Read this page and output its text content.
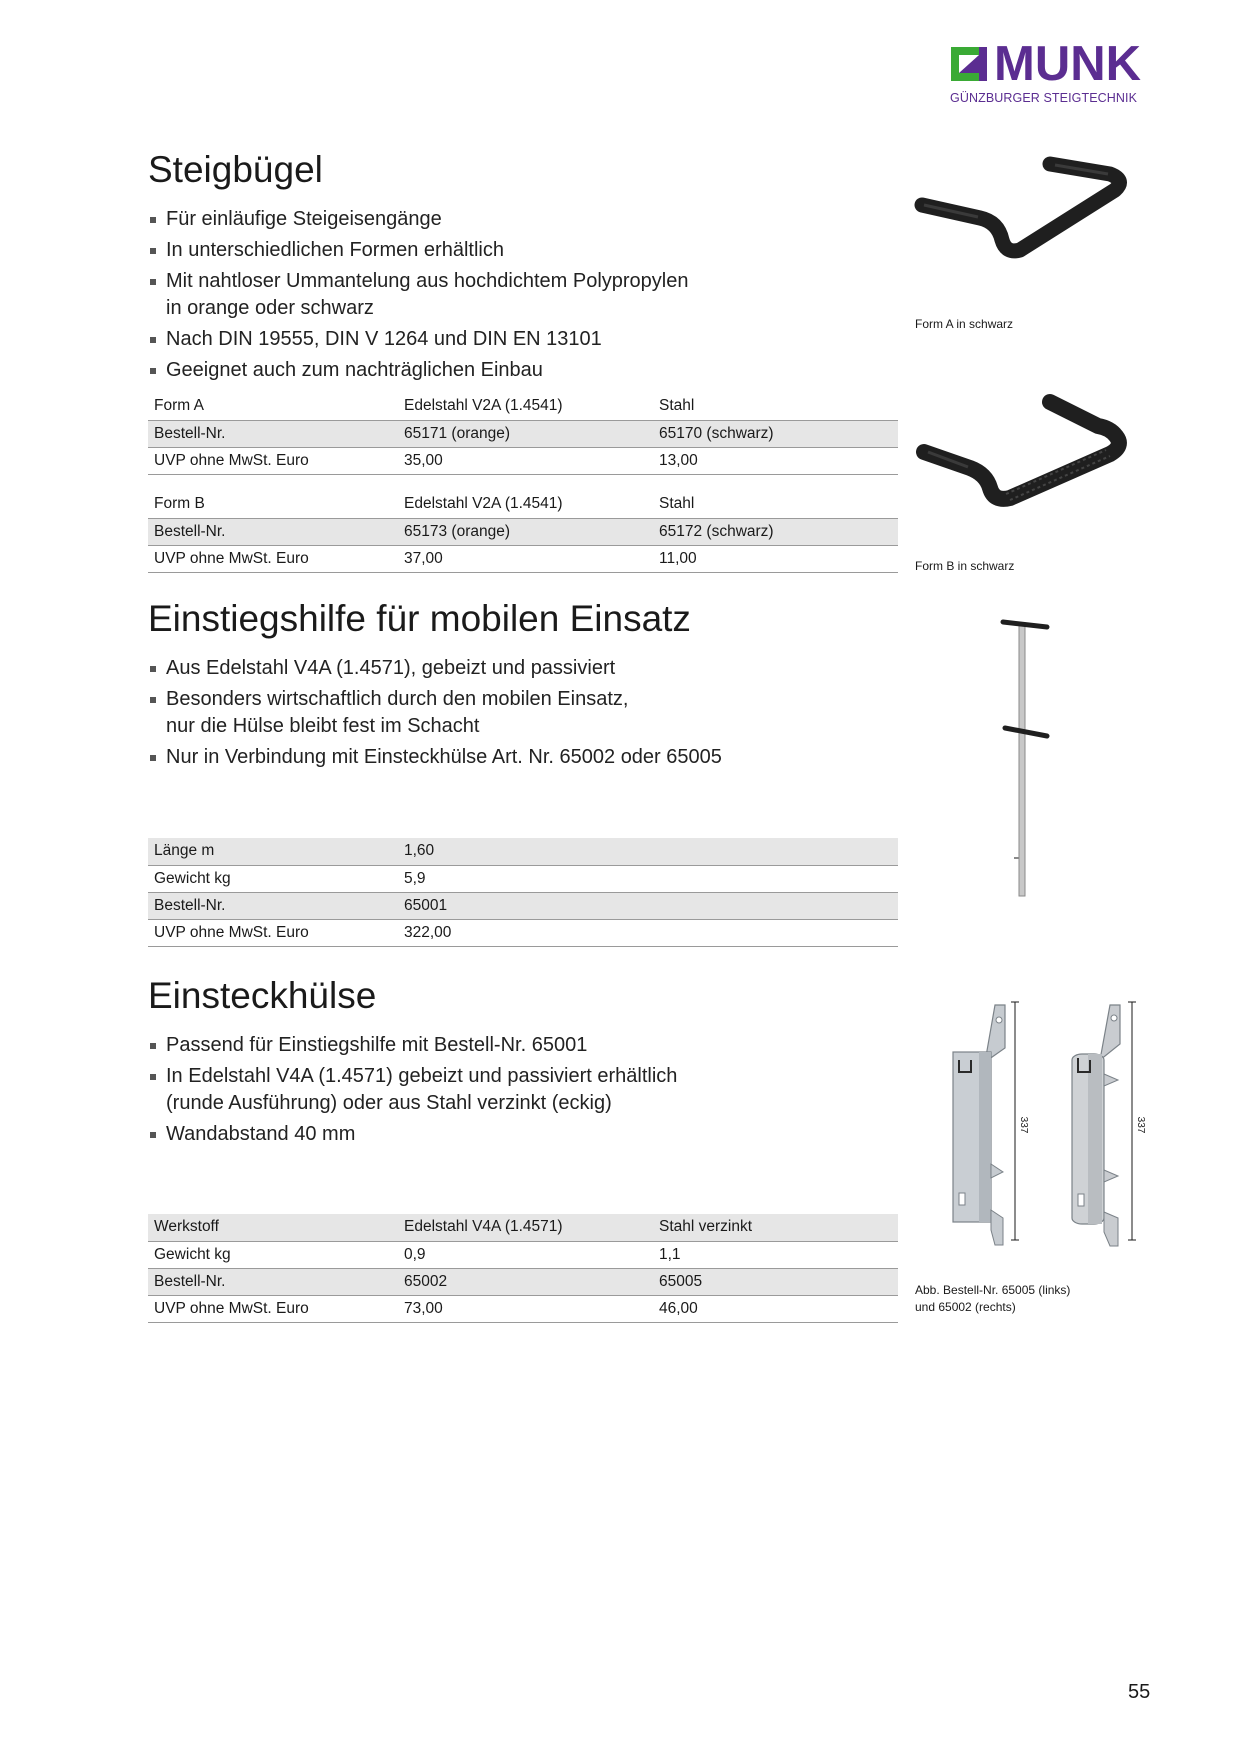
MUNK
GÜNZBURGER STEIGTECHNIK
Steigbügel
Für einläufige Steigeisengänge
In unterschiedlichen Formen erhältlich
Mit nahtloser Ummantelung aus hochdichtem Polypropylen
in orange oder schwarz
Nach DIN 19555, DIN V 1264 und DIN EN 13101
Geeignet auch zum nachträglichen Einbau
Form A	Edelstahl V2A (1.4541)	Stahl
Bestell-Nr.	65171 (orange)	65170 (schwarz)
UVP ohne MwSt. Euro	35,00	13,00
Form B	Edelstahl V2A (1.4541)	Stahl
Bestell-Nr.	65173 (orange)	65172 (schwarz)
UVP ohne MwSt. Euro	37,00	11,00
Form A in schwarz
Form B in schwarz
Einstiegshilfe für mobilen Einsatz
Aus Edelstahl V4A (1.4571), gebeizt und passiviert
Besonders wirtschaftlich durch den mobilen Einsatz,
nur die Hülse bleibt fest im Schacht
Nur in Verbindung mit Einsteckhülse Art. Nr. 65002 oder 65005
Länge m	1,60
Gewicht kg	5,9
Bestell-Nr.	65001
UVP ohne MwSt. Euro	322,00
Einsteckhülse
Passend für Einstiegshilfe mit Bestell-Nr. 65001
In Edelstahl V4A (1.4571) gebeizt und passiviert erhältlich
(runde Ausführung) oder aus Stahl verzinkt (eckig)
Wandabstand 40 mm
Werkstoff	Edelstahl V4A (1.4571)	Stahl verzinkt
Gewicht kg	0,9	1,1
Bestell-Nr.	65002	65005
UVP ohne MwSt. Euro	73,00	46,00
337	337
Abb. Bestell-Nr. 65005 (links)
und 65002 (rechts)
55
